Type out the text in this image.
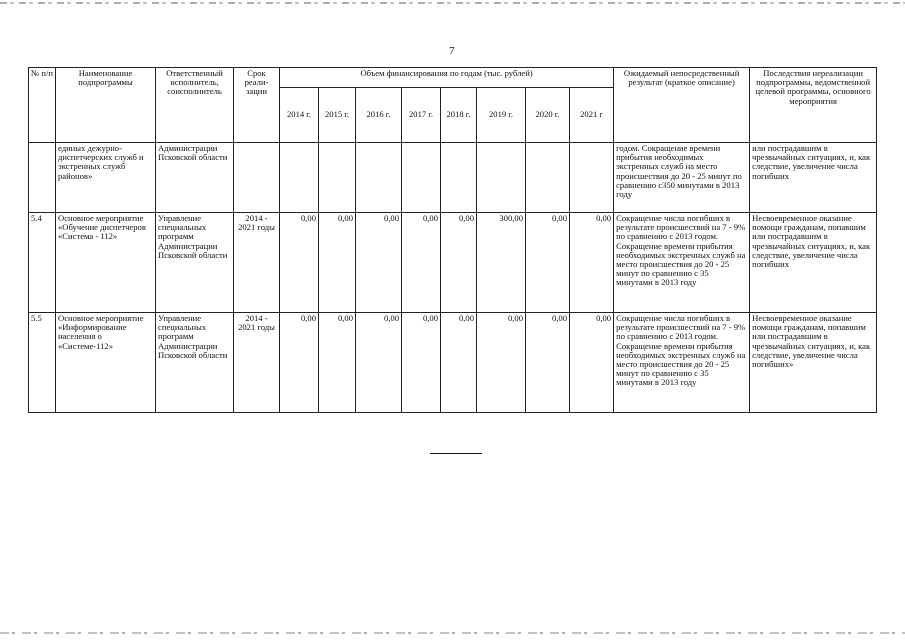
7
№ п/п	Наименование подпрограммы	Ответственный исполнитель, соисполнитель	Срок реали- зации	Объем финансирования по годам (тыс. рублей)								Ожидаемый непосредственный результат (краткое описание)	Последствия нереализации подпрограммы, ведомственной целевой программы, основного мероприятия
				2014 г.	2015 г.	2016 г.	2017 г.	2018 г.	2019 г.	2020 г.	2021 г		
	единых дежурно-диспетчерских служб и экстренных служб районов»	Администрации Псковской области										годом. Сокращение времени прибытия необходимых экстренных служб на место происшествия до 20 - 25 минут по сравнению с350 минутами в 2013 году	или пострадавшим в чрезвычайных ситуациях, и, как следствие, увеличение числа погибших
5.4	Основное мероприятие «Обучение диспетчеров «Система - 112»	Управление специальных программ Администрации Псковской области	2014 - 2021 годы	0,00	0,00	0,00	0,00	0,00	300,00	0,00	0,00	Сокращение числа погибших в результате происшествий на 7 - 9% по сравнению с 2013 годом. Сокращение времени прибытия необходимых экстренных служб на место происшествия до 20 - 25 минут по сравнению с 35 минутами в 2013 году	Несвоевременное оказание помощи гражданам, попавшим или пострадавшим в чрезвычайных ситуациях, и, как следствие, увеличение числа погибших
5.5	Основное мероприятие «Информирование населения о «Системе-112»	Управление специальных программ Администрации Псковской области	2014 - 2021 годы	0,00	0,00	0,00	0,00	0,00	0,00	0,00	0,00	Сокращение числа погибших в результате происшествий на 7 - 9% по сравнению с 2013 годом. Сокращение времени прибытия необходимых экстренных служб на место происшествия до 20 - 25 минут по сравнению с 35 минутами в 2013 году	Несвоевременное оказание помощи гражданам, попавшим или пострадавшим в чрезвычайных ситуациях, и, как следствие, увеличение числа погибших»
